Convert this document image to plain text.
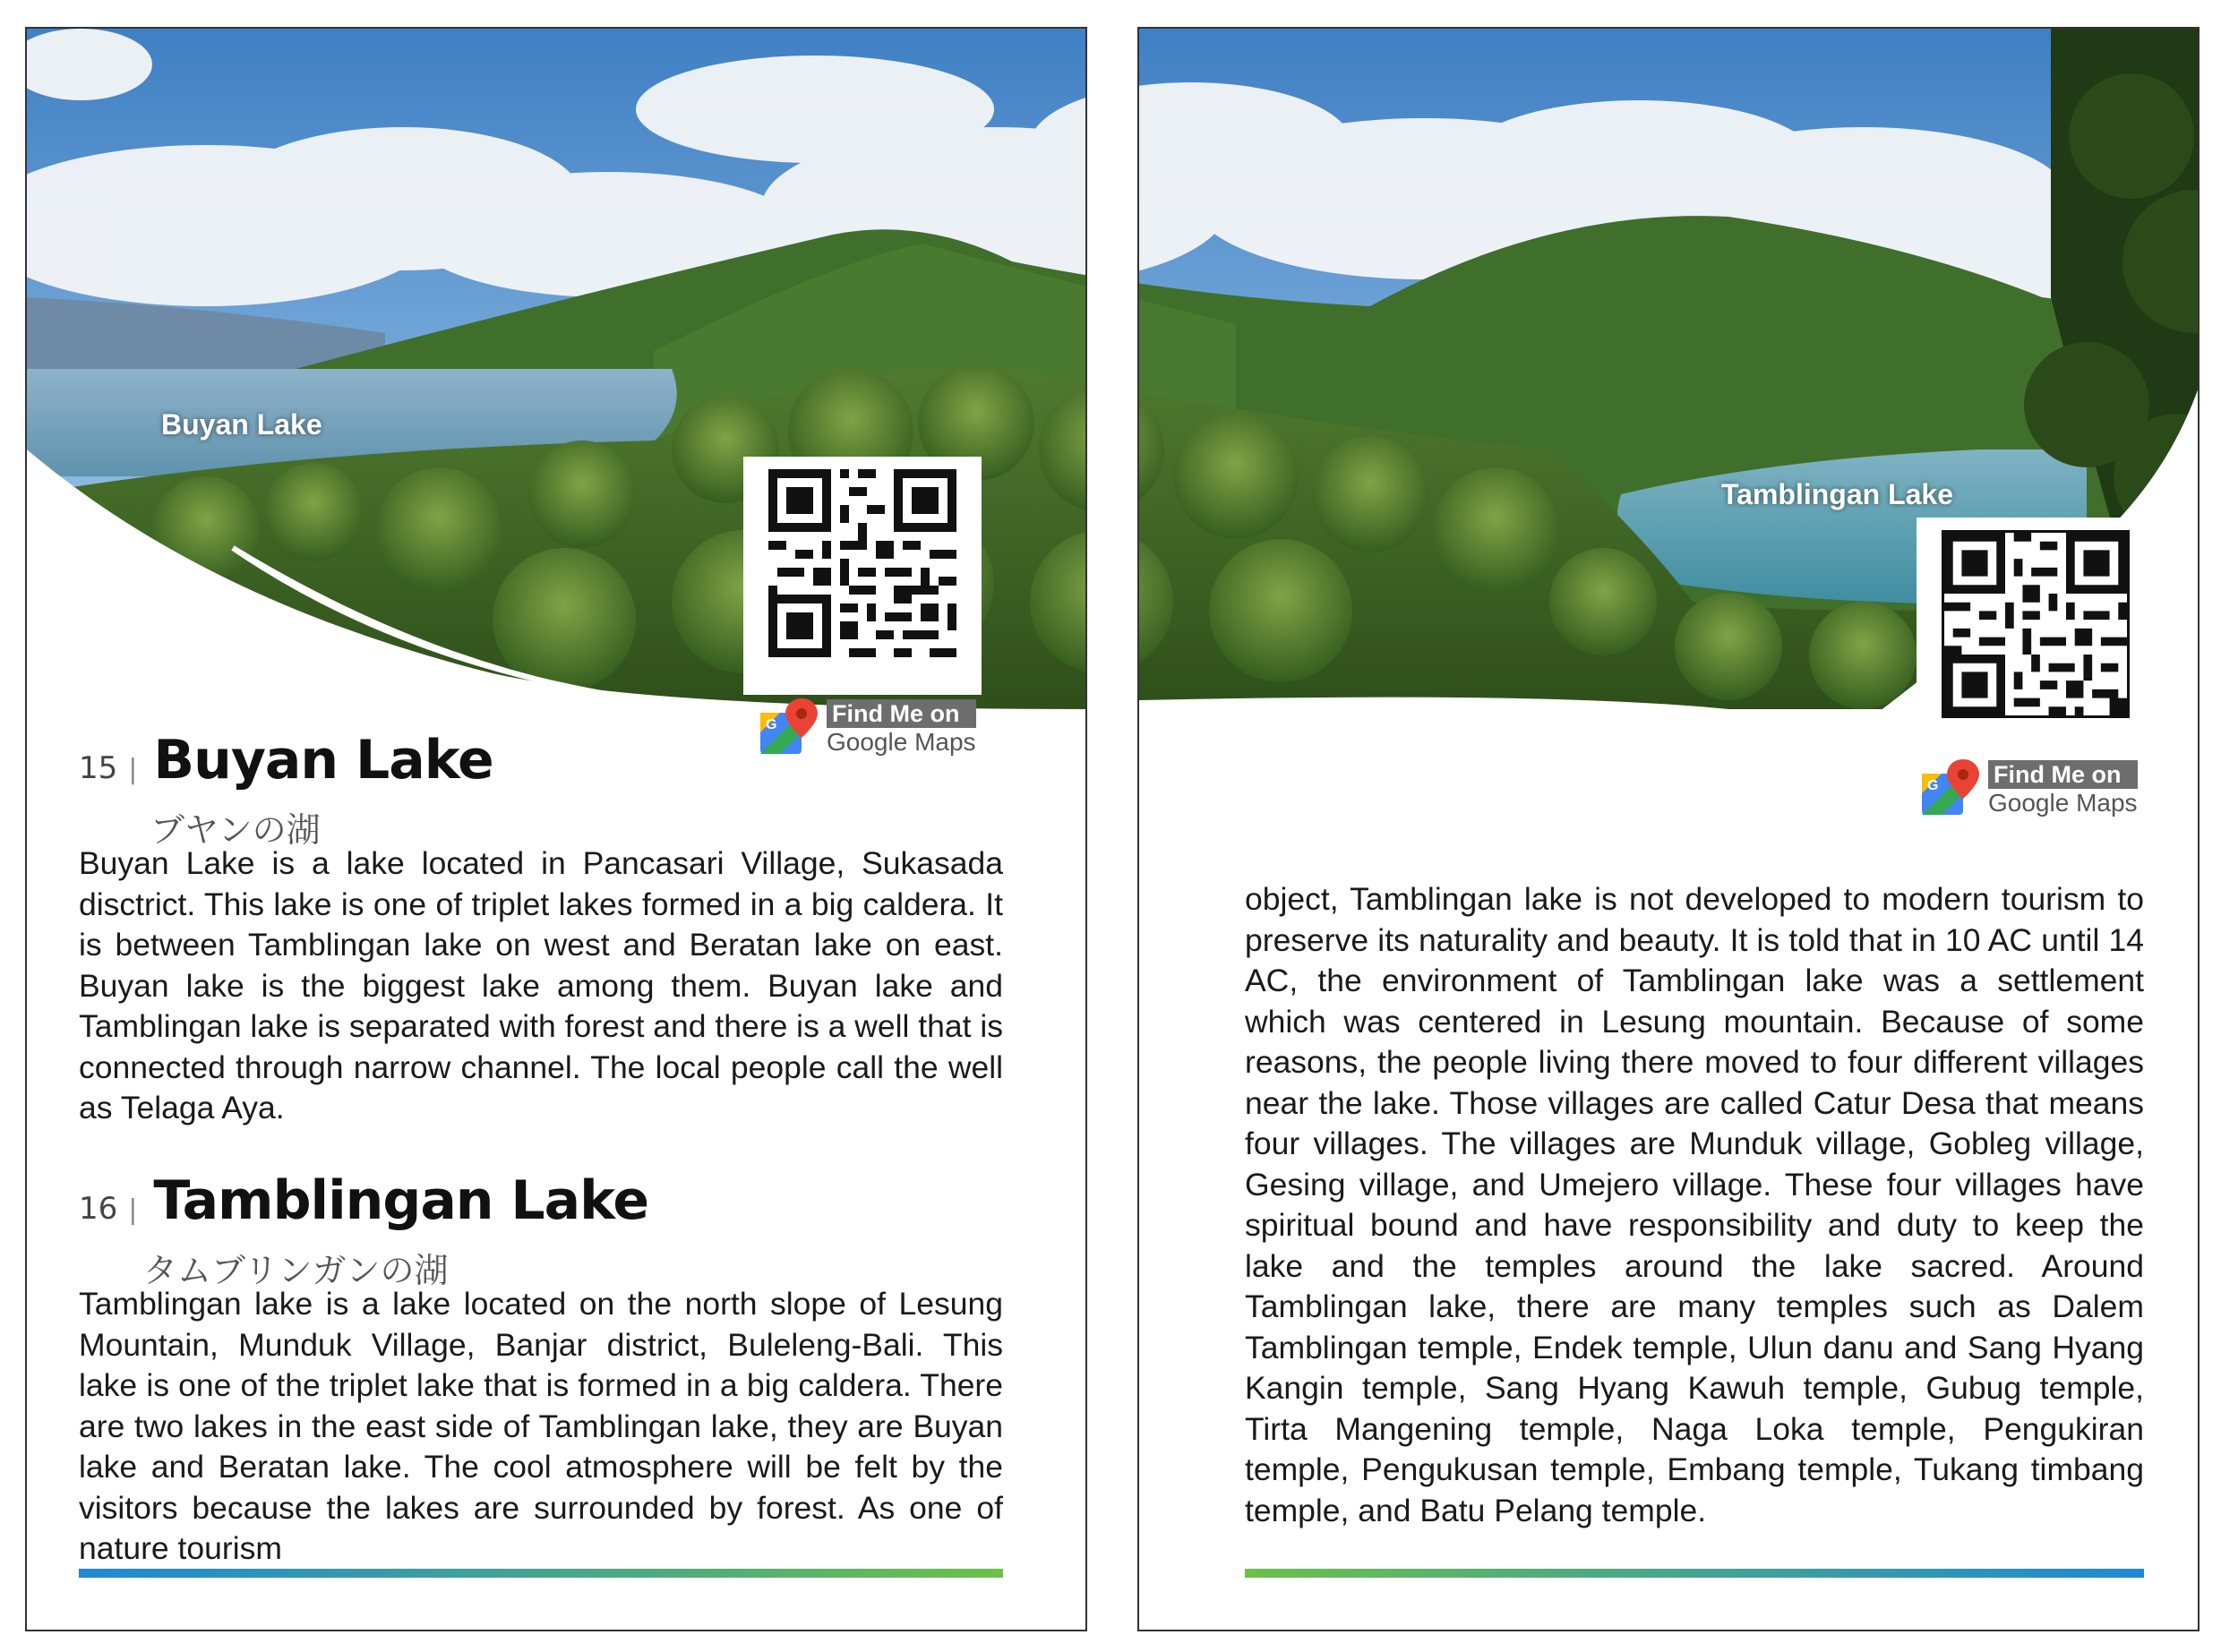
Buyan Lake
G Find Me on
Google Maps
15 | Buyan Lake
ブヤンの湖

Buyan Lake is a lake located in Pancasari Village, Sukasada disctrict. This lake is one of triplet lakes formed in a big caldera. It is between Tamblingan lake on west and Beratan lake on east. Buyan lake is the biggest lake among them. Buyan lake and Tamblingan lake is separated with forest and there is a well that is connected through narrow channel. The local people call the well as Telaga Aya.

16 | Tamblingan Lake
タムブリンガンの湖

Tamblingan lake is a lake located on the north slope of Lesung Mountain, Munduk Village, Banjar district, Buleleng-Bali. This lake is one of the triplet lake that is formed in a big caldera. There are two lakes in the east side of Tamblingan lake, they are Buyan lake and Beratan lake. The cool atmosphere will be felt by the visitors because the lakes are surrounded by forest. As one of nature tourism

Tamblingan Lake
G Find Me on
Google Maps

object, Tamblingan lake is not developed to modern tourism to preserve its naturality and beauty. It is told that in 10 AC until 14 AC, the environment of Tamblingan lake was a settlement which was centered in Lesung mountain. Because of some reasons, the people living there moved to four different villages near the lake. Those villages are called Catur Desa that means four villages. The villages are Munduk village, Gobleg village, Gesing village, and Umejero village. These four villages have spiritual bound and have responsibility and duty to keep the lake and the temples around the lake sacred. Around Tamblingan lake, there are many temples such as Dalem Tamblingan temple, Endek temple, Ulun danu and Sang Hyang Kangin temple, Sang Hyang Kawuh temple, Gubug temple, Tirta Mangening temple, Naga Loka temple, Pengukiran temple, Pengukusan temple, Embang temple, Tukang timbang temple, and Batu Pelang temple.
